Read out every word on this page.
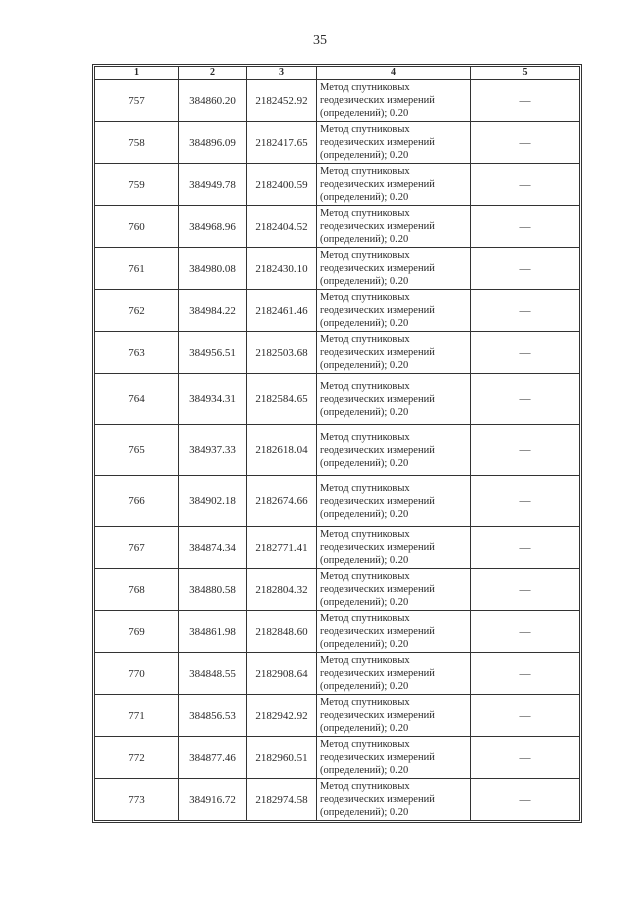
35
1	2	3	4	5
757	384860.20	2182452.92	Метод спутниковых
геодезических измерений
(определений); 0.20	—
758	384896.09	2182417.65	Метод спутниковых
геодезических измерений
(определений); 0.20	—
759	384949.78	2182400.59	Метод спутниковых
геодезических измерений
(определений); 0.20	—
760	384968.96	2182404.52	Метод спутниковых
геодезических измерений
(определений); 0.20	—
761	384980.08	2182430.10	Метод спутниковых
геодезических измерений
(определений); 0.20	—
762	384984.22	2182461.46	Метод спутниковых
геодезических измерений
(определений); 0.20	—
763	384956.51	2182503.68	Метод спутниковых
геодезических измерений
(определений); 0.20	—
764	384934.31	2182584.65	Метод спутниковых
геодезических измерений
(определений); 0.20	—
765	384937.33	2182618.04	Метод спутниковых
геодезических измерений
(определений); 0.20	—
766	384902.18	2182674.66	Метод спутниковых
геодезических измерений
(определений); 0.20	—
767	384874.34	2182771.41	Метод спутниковых
геодезических измерений
(определений); 0.20	—
768	384880.58	2182804.32	Метод спутниковых
геодезических измерений
(определений); 0.20	—
769	384861.98	2182848.60	Метод спутниковых
геодезических измерений
(определений); 0.20	—
770	384848.55	2182908.64	Метод спутниковых
геодезических измерений
(определений); 0.20	—
771	384856.53	2182942.92	Метод спутниковых
геодезических измерений
(определений); 0.20	—
772	384877.46	2182960.51	Метод спутниковых
геодезических измерений
(определений); 0.20	—
773	384916.72	2182974.58	Метод спутниковых
геодезических измерений
(определений); 0.20	—
